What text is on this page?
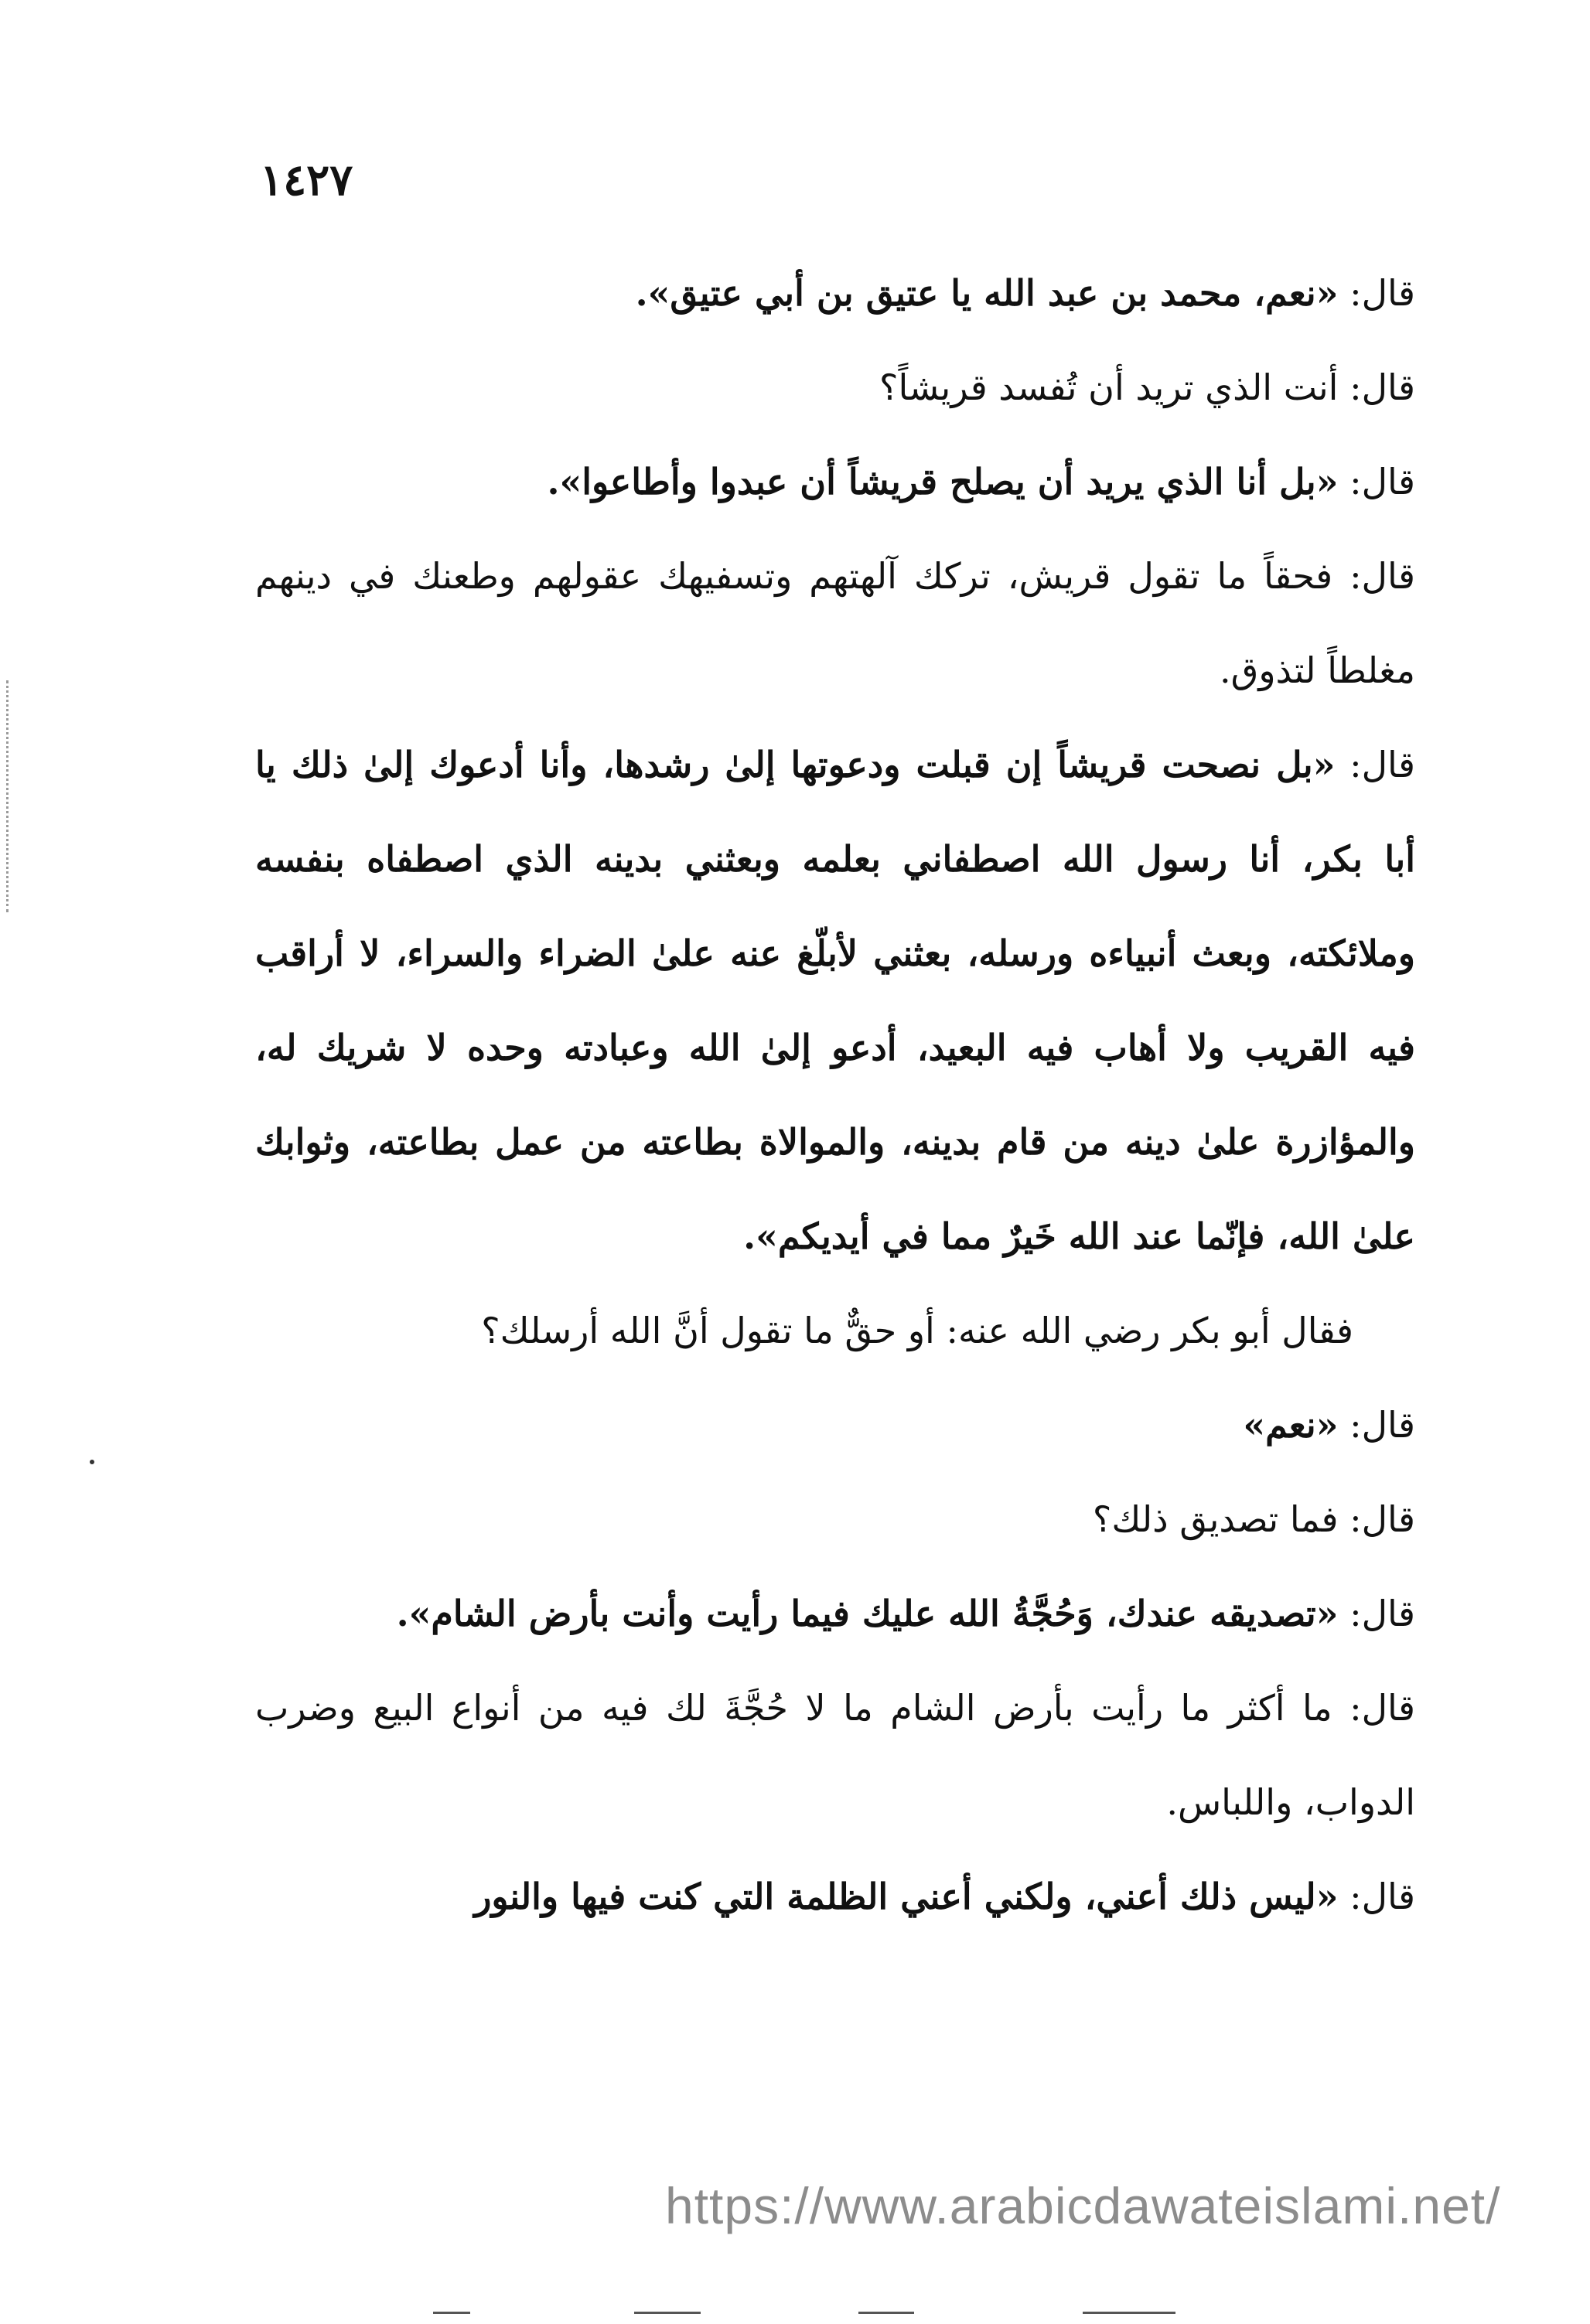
١٤٢٧

قال: «نعم، محمد بن عبد الله يا عتيق بن أبي عتيق».

قال: أنت الذي تريد أن تُفسد قريشاً؟

قال: «بل أنا الذي يريد أن يصلح قريشاً أن عبدوا وأطاعوا».

قال: فحقاً ما تقول قريش، تركك آلهتهم وتسفيهك عقولهم وطعنك في دينهم مغلطاً لتذوق.

قال: «بل نصحت قريشاً إن قبلت ودعوتها إلىٰ رشدها، وأنا أدعوك إلىٰ ذلك يا أبا بكر، أنا رسول الله اصطفاني بعلمه وبعثني بدينه الذي اصطفاه بنفسه وملائكته، وبعث أنبياءه ورسله، بعثني لأبلّغ عنه علىٰ الضراء والسراء، لا أراقب فيه القريب ولا أهاب فيه البعيد، أدعو إلىٰ الله وعبادته وحده لا شريك له، والمؤازرة علىٰ دينه من قام بدينه، والموالاة بطاعته من عمل بطاعته، وثوابك علىٰ الله، فإنّما عند الله خَيرٌ مما في أيديكم».

فقال أبو بكر رضي الله عنه: أو حقٌّ ما تقول أنَّ الله أرسلك؟

قال: «نعم»

قال: فما تصديق ذلك؟

قال: «تصديقه عندك، وَحُجَّةُ الله عليك فيما رأيت وأنت بأرض الشام».

قال: ما أكثر ما رأيت بأرض الشام ما لا حُجَّةَ لك فيه من أنواع البيع وضرب الدواب، واللباس.

قال: «ليس ذلك أعني، ولكني أعني الظلمة التي كنت فيها والنور

https://www.arabicdawateislami.net/
